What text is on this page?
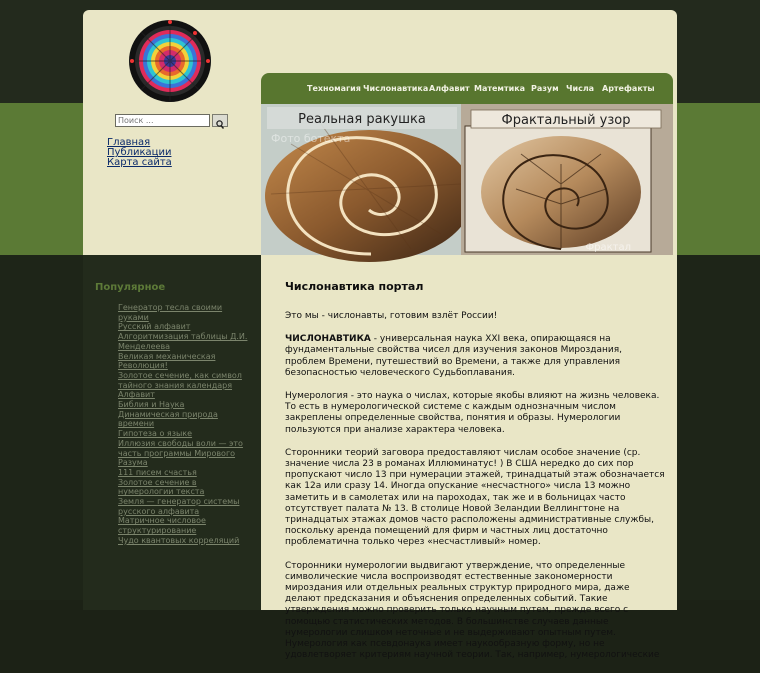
Поиск ...
Главная
Публикации
Карта сайта
Техномагия Числонавтика Алфавит Матемтика Разум Числа Артефакты
Реальная ракушка
Фото ботекта
Фрактальный узор
Фрактал
Популярное
Генератор тесла своими руками
Русский алфавит
Алгоритмизация таблицы Д.И. Менделеева
Великая механическая Революция!
Золотое сечение, как символ тайного знания календаря
Алфавит
Библия и Наука
Динамическая природа времени
Гипотеза о языке
Иллюзия свободы воли — это часть программы Мирового Разума
111 писем счастья
Золотое сечение в нумерологии текста
Земля — генератор системы русского алфавита
Матричное числовое структурирование
Чудо квантовых корреляций
Числонавтика портал

Это мы - числонавты, готовим взлёт России!

ЧИСЛОНАВТИКА - универсальная наука XXI века, опирающаяся на фундаментальные свойства чисел для изучения законов Мироздания, проблем Времени, путешествий во Времени, а также для управления безопасностью человеческого Судьбоплавания.

Нумерология - это наука о числах, которые якобы влияют на жизнь человека. То есть в нумерологической системе с каждым однозначным числом закреплены определенные свойства, понятия и образы. Нумерологии пользуются при анализе характера человека.

Сторонники теорий заговора предоставляют числам особое значение (ср. значение числа 23 в романах Иллюминатус! ) В США нередко до сих пор пропускают число 13 при нумерации этажей, тринадцатый этаж обозначается как 12a или сразу 14. Иногда опускание «несчастного» числа 13 можно заметить и в самолетах или на пароходах, так же и в больницах часто отсутствует палата № 13. В столице Новой Зеландии Веллингтоне на тринадцатых этажах домов часто расположены административные службы, поскольку аренда помещений для фирм и частных лиц достаточно проблематична только через «несчастливый» номер.

Сторонники нумерологии выдвигают утверждение, что определенные символические числа воспроизводят естественные закономерности мироздания или отдельных реальных структур природного мира, даже делают предсказания и объяснения определенных событий. Такие утверждения можно проверить только научным путем, прежде всего с помощью статистических методов. В большинстве случаев данные нумерологии слишком неточные и не выдерживают опытным путем. Нумерология как псевдонаука имеет наукообразную форму, но не удовлетворяет критериям научной теории. Так, например, нумерологические
